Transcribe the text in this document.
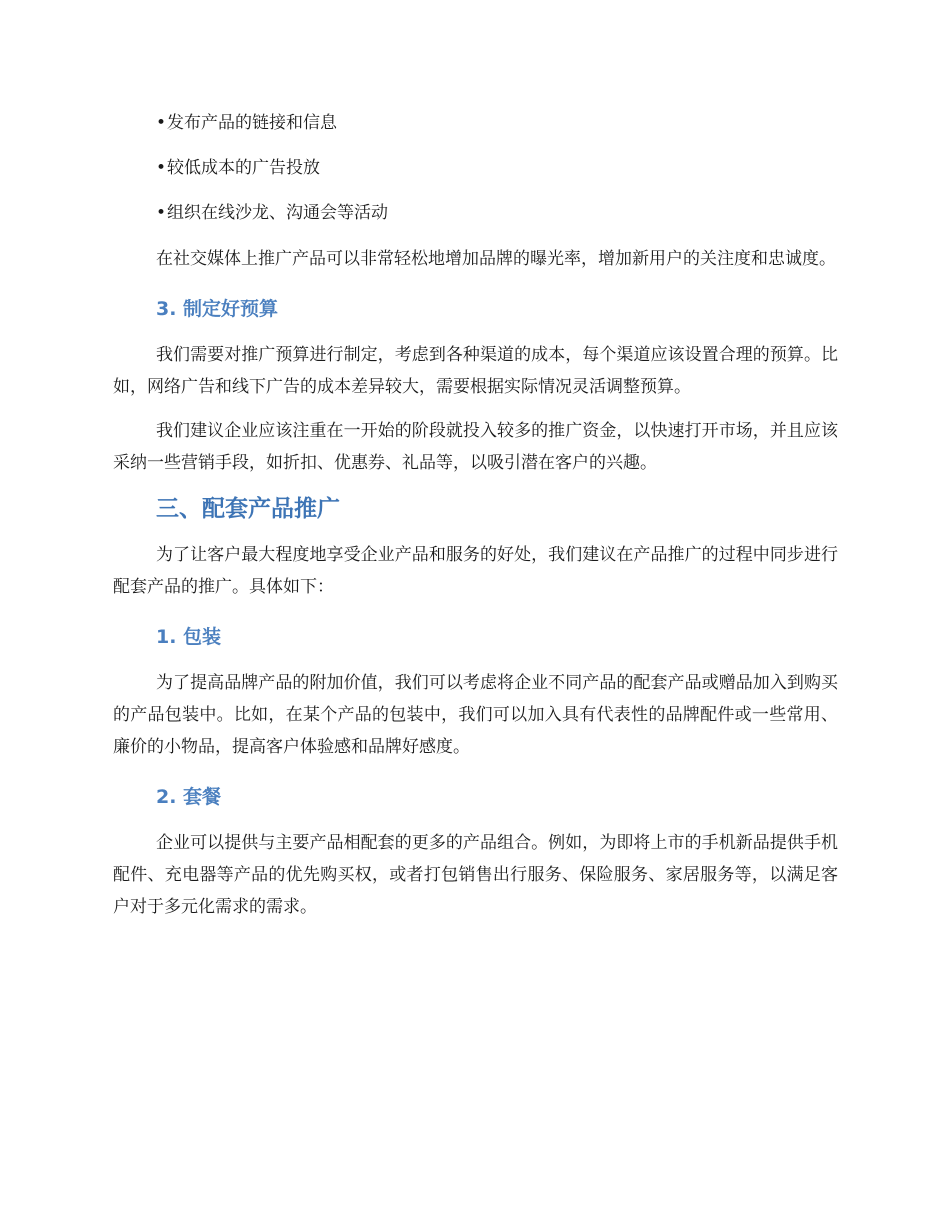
•发布产品的链接和信息
•较低成本的广告投放
•组织在线沙龙、沟通会等活动

在社交媒体上推广产品可以非常轻松地增加品牌的曝光率，增加新用户的关注度和忠诚度。

3. 制定好预算

我们需要对推广预算进行制定，考虑到各种渠道的成本，每个渠道应该设置合理的预算。比如，网络广告和线下广告的成本差异较大，需要根据实际情况灵活调整预算。

我们建议企业应该注重在一开始的阶段就投入较多的推广资金，以快速打开市场，并且应该采纳一些营销手段，如折扣、优惠券、礼品等，以吸引潜在客户的兴趣。

三、配套产品推广

为了让客户最大程度地享受企业产品和服务的好处，我们建议在产品推广的过程中同步进行配套产品的推广。具体如下：

1. 包装

为了提高品牌产品的附加价值，我们可以考虑将企业不同产品的配套产品或赠品加入到购买的产品包装中。比如，在某个产品的包装中，我们可以加入具有代表性的品牌配件或一些常用、廉价的小物品，提高客户体验感和品牌好感度。

2. 套餐

企业可以提供与主要产品相配套的更多的产品组合。例如，为即将上市的手机新品提供手机配件、充电器等产品的优先购买权，或者打包销售出行服务、保险服务、家居服务等，以满足客户对于多元化需求的需求。
